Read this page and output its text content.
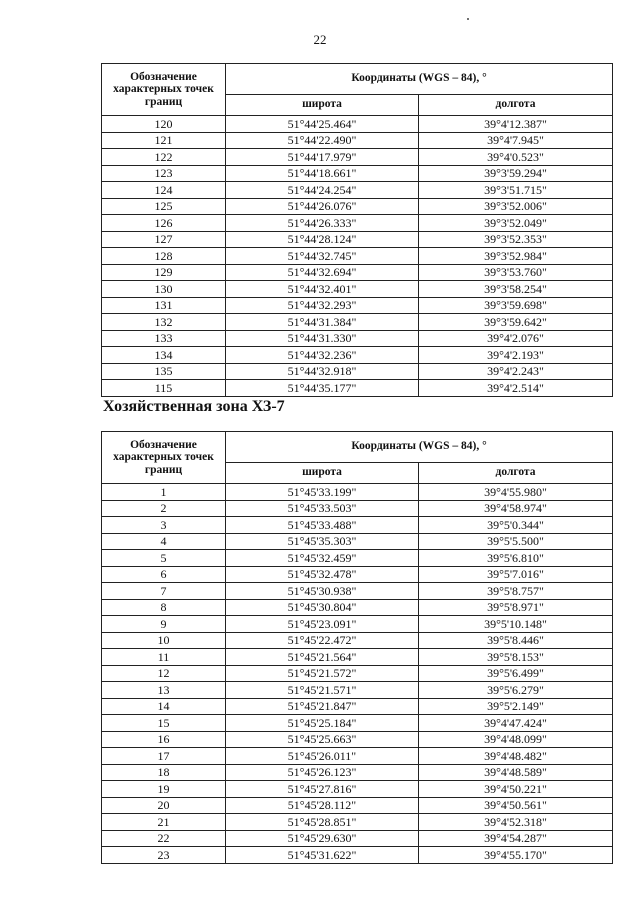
22
Обозначение
характерных точек
границ	Координаты (WGS – 84), °	
	широта	долгота
120	51°44'25.464"	39°4'12.387"
121	51°44'22.490"	39°4'7.945"
122	51°44'17.979"	39°4'0.523"
123	51°44'18.661"	39°3'59.294"
124	51°44'24.254"	39°3'51.715"
125	51°44'26.076"	39°3'52.006"
126	51°44'26.333"	39°3'52.049"
127	51°44'28.124"	39°3'52.353"
128	51°44'32.745"	39°3'52.984"
129	51°44'32.694"	39°3'53.760"
130	51°44'32.401"	39°3'58.254"
131	51°44'32.293"	39°3'59.698"
132	51°44'31.384"	39°3'59.642"
133	51°44'31.330"	39°4'2.076"
134	51°44'32.236"	39°4'2.193"
135	51°44'32.918"	39°4'2.243"
115	51°44'35.177"	39°4'2.514"
Хозяйственная зона ХЗ-7
Обозначение
характерных точек
границ	Координаты (WGS – 84), °	
	широта	долгота
1	51°45'33.199"	39°4'55.980"
2	51°45'33.503"	39°4'58.974"
3	51°45'33.488"	39°5'0.344"
4	51°45'35.303"	39°5'5.500"
5	51°45'32.459"	39°5'6.810"
6	51°45'32.478"	39°5'7.016"
7	51°45'30.938"	39°5'8.757"
8	51°45'30.804"	39°5'8.971"
9	51°45'23.091"	39°5'10.148"
10	51°45'22.472"	39°5'8.446"
11	51°45'21.564"	39°5'8.153"
12	51°45'21.572"	39°5'6.499"
13	51°45'21.571"	39°5'6.279"
14	51°45'21.847"	39°5'2.149"
15	51°45'25.184"	39°4'47.424"
16	51°45'25.663"	39°4'48.099"
17	51°45'26.011"	39°4'48.482"
18	51°45'26.123"	39°4'48.589"
19	51°45'27.816"	39°4'50.221"
20	51°45'28.112"	39°4'50.561"
21	51°45'28.851"	39°4'52.318"
22	51°45'29.630"	39°4'54.287"
23	51°45'31.622"	39°4'55.170"
